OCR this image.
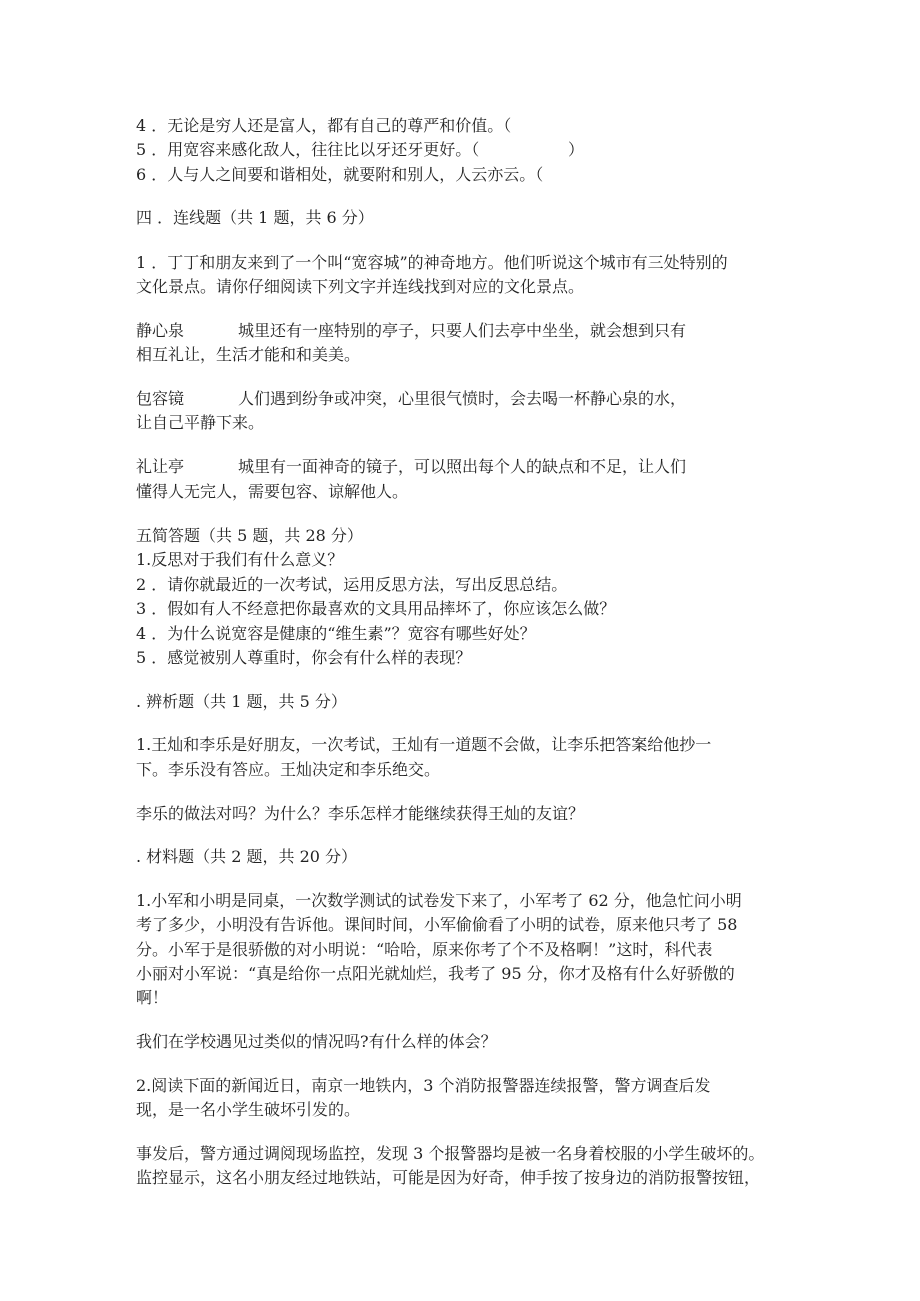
4 ．无论是穷人还是富人，都有自己的尊严和价值。（
5 ．用宽容来感化敌人，往往比以牙还牙更好。（	）
6 ．人与人之间要和谐相处，就要附和别人，人云亦云。（
四 ．连线题（共 1 题，共 6 分）
1 ．丁丁和朋友来到了一个叫“宽容城”的神奇地方。他们听说这个城市有三处特别的
文化景点。请你仔细阅读下列文字并连线找到对应的文化景点。
静心泉	城里还有一座特别的亭子，只要人们去亭中坐坐，就会想到只有
相互礼让，生活才能和和美美。
包容镜	人们遇到纷争或冲突，心里很气愤时，会去喝一杯静心泉的水，
让自己平静下来。
礼让亭	城里有一面神奇的镜子，可以照出每个人的缺点和不足，让人们
懂得人无完人，需要包容、谅解他人。
五简答题（共 5 题，共 28 分）
1.反思对于我们有什么意义？
2 ．请你就最近的一次考试，运用反思方法，写出反思总结。
3 ．假如有人不经意把你最喜欢的文具用品摔坏了，你应该怎么做？
4 ．为什么说宽容是健康的“维生素”？宽容有哪些好处？
5 ．感觉被别人尊重时，你会有什么样的表现？
. 辨析题（共 1 题，共 5 分）
1.王灿和李乐是好朋友，一次考试，王灿有一道题不会做，让李乐把答案给他抄一
下。李乐没有答应。王灿决定和李乐绝交。
李乐的做法对吗？为什么？李乐怎样才能继续获得王灿的友谊？
. 材料题（共 2 题，共 20 分）
1.小军和小明是同桌，一次数学测试的试卷发下来了，小军考了 62 分，他急忙问小明
考了多少，小明没有告诉他。课间时间，小军偷偷看了小明的试卷，原来他只考了 58
分。小军于是很骄傲的对小明说：“哈哈，原来你考了个不及格啊！”这时，科代表
小丽对小军说：“真是给你一点阳光就灿烂，我考了 95 分，你才及格有什么好骄傲的
啊！
我们在学校遇见过类似的情况吗?有什么样的体会？
2.阅读下面的新闻近日，南京一地铁内，3 个消防报警器连续报警，警方调查后发
现，是一名小学生破坏引发的。
事发后，警方通过调阅现场监控，发现 3 个报警器均是被一名身着校服的小学生破坏的。
监控显示，这名小朋友经过地铁站，可能是因为好奇，伸手按了按身边的消防报警按钮，
